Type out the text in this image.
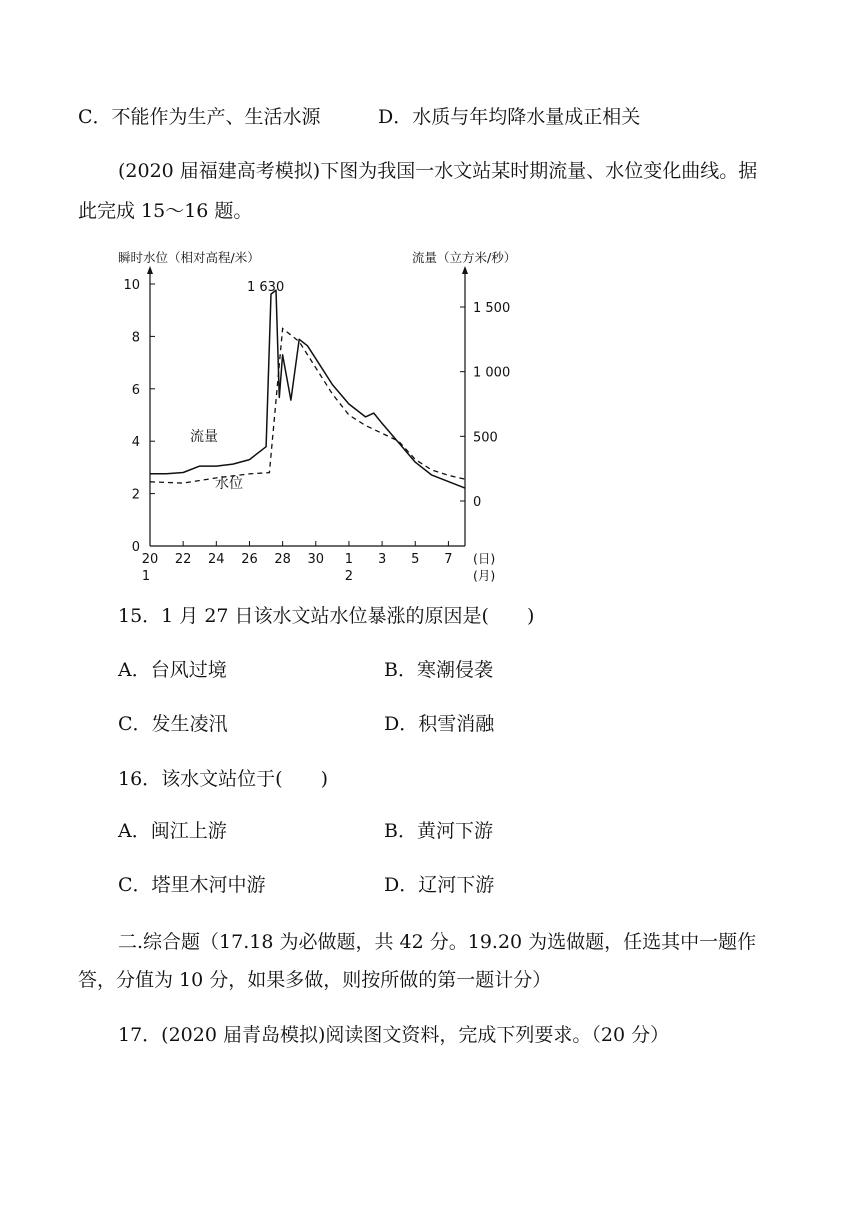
C．不能作为生产、生活水源	D．水质与年均降水量成正相关
(2020 届福建高考模拟)下图为我国一水文站某时期流量、水位变化曲线。据
此完成 15～16 题。
瞬时水位（相对高程/米）	流量（立方米/秒）
0
2
4
6
8
10
0
500
1 000
1 500
20 22 24 26 28 30 1 3 5 7
1	2
(日)
(月)
流量
水位
1 630
15．1 月 27 日该水文站水位暴涨的原因是(　　)
A．台风过境	B．寒潮侵袭
C．发生凌汛	D．积雪消融
16．该水文站位于(　　)
A．闽江上游	B．黄河下游
C．塔里木河中游	D．辽河下游
二.综合题（17.18 为必做题，共 42 分。19.20 为选做题，任选其中一题作
答，分值为 10 分，如果多做，则按所做的第一题计分）
17．(2020 届青岛模拟)阅读图文资料，完成下列要求。（20 分）
